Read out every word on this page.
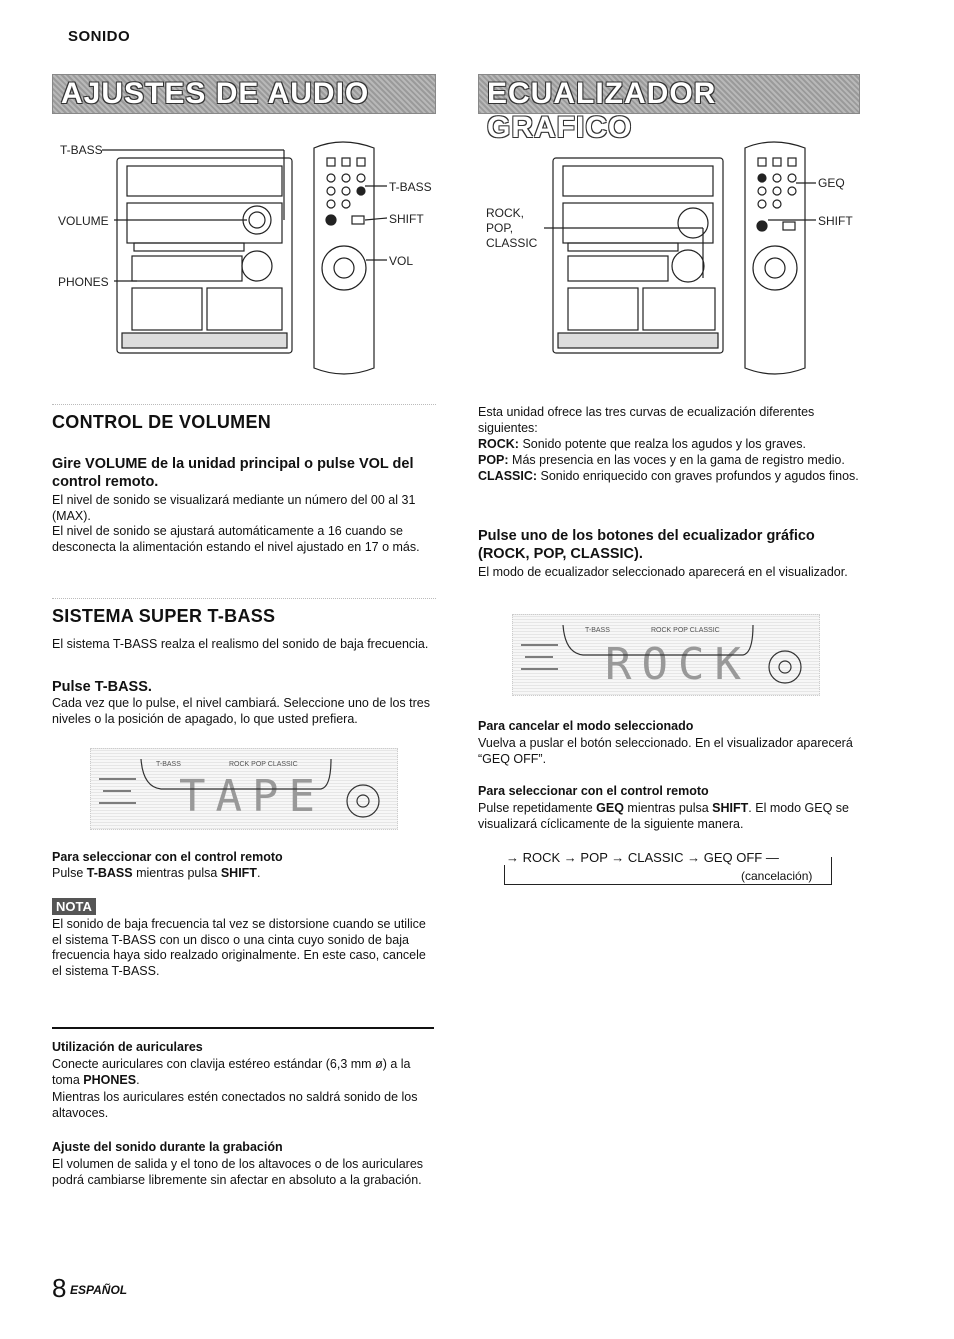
SONIDO
AJUSTES DE AUDIO	ECUALIZADOR GRAFICO
T-BASS
VOLUME
PHONES
T-BASS
SHIFT
VOL
CONTROL DE VOLUMEN
Gire VOLUME de la unidad principal o pulse VOL del control remoto.
El nivel de sonido se visualizará mediante un número del 00 al 31 (MAX).
El nivel de sonido se ajustará automáticamente a 16 cuando se desconecta la alimentación estando el nivel ajustado en 17 o más.
SISTEMA SUPER T-BASS
El sistema T-BASS realza el realismo del sonido de baja frecuencia.
Pulse T-BASS.
Cada vez que lo pulse, el nivel cambiará. Seleccione uno de los tres niveles o la posición de apagado, lo que usted prefiera.
T-BASS	ROCK POP CLASSIC
TAPE
Para seleccionar con el control remoto
Pulse T-BASS mientras pulsa SHIFT.
NOTA
El sonido de baja frecuencia tal vez se distorsione cuando se utilice el sistema T-BASS con un disco o una cinta cuyo sonido de baja frecuencia haya sido realzado originalmente. En este caso, cancele el sistema T-BASS.
Utilización de auriculares
Conecte auriculares con clavija estéreo estándar (6,3 mm ø) a la toma PHONES.
Mientras los auriculares estén conectados no saldrá sonido de los altavoces.
Ajuste del sonido durante la grabación
El volumen de salida y el tono de los altavoces o de los auriculares podrá cambiarse libremente sin afectar en absoluto a la grabación.
ROCK,
POP,
CLASSIC
GEQ
SHIFT
Esta unidad ofrece las tres curvas de ecualización diferentes siguientes:
ROCK: Sonido potente que realza los agudos y los graves.
POP: Más presencia en las voces y en la gama de registro medio.
CLASSIC: Sonido enriquecido con graves profundos y agudos finos.
Pulse uno de los botones del ecualizador gráfico (ROCK, POP, CLASSIC).
El modo de ecualizador seleccionado aparecerá en el visualizador.
T-BASS	ROCK POP CLASSIC
ROCK
Para cancelar el modo seleccionado
Vuelva a puslar el botón seleccionado. En el visualizador aparecerá “GEQ OFF”.
Para seleccionar con el control remoto
Pulse repetidamente GEQ mientras pulsa SHIFT. El modo GEQ se visualizará cíclicamente de la siguiente manera.
→ ROCK → POP → CLASSIC → GEQ OFF —
(cancelación)
8 ESPAÑOL
